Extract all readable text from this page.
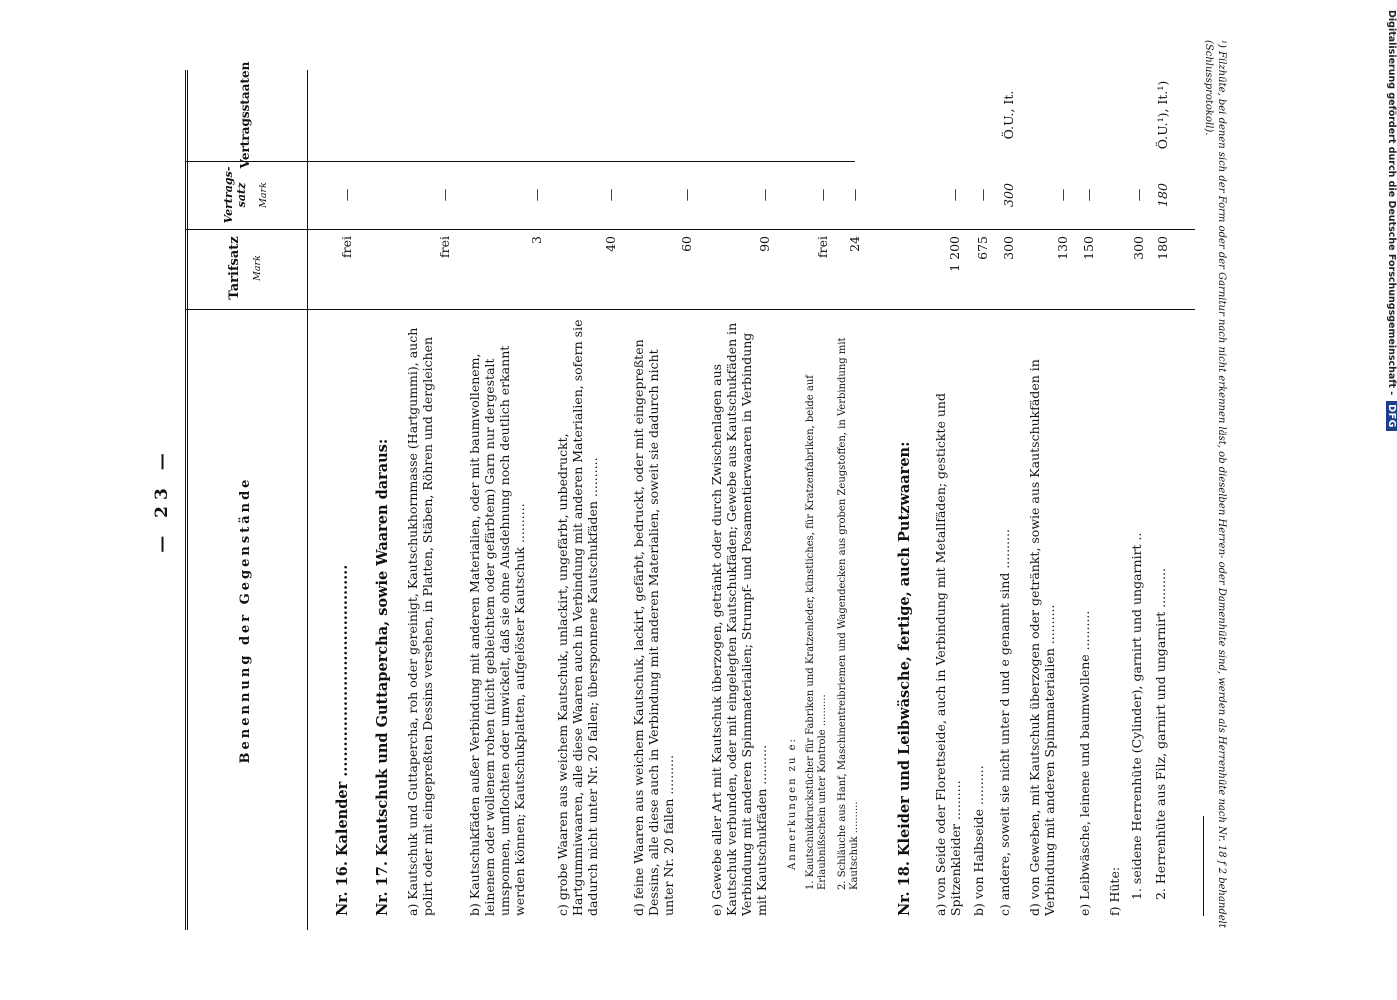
Digitalisierung gefördert durch die Deutsche Forschungsgemeinschaft -
DFG
— 23 —	Benennung der Gegenstände
Tarifsatz Mark
Vertrags-satz Mark
Vertragsstaaten
Nr. 16. Kalender ..........................................
frei
—
Nr. 17. Kautschuk und Guttapercha, sowie Waaren daraus: a) Kautschuk und Guttapercha, roh oder gereinigt, Kautschukhornmasse (Hartgummi), auch polirt oder mit eingepreßten Dessins versehen, in Platten, Stäben, Röhren und dergleichen
frei
—
b) Kautschukfäden außer Verbindung mit anderen Materialien, oder mit baumwollenem, leinenem oder wollenem rohen (nicht gebleichtem oder gefärbtem) Garn nur dergestalt umsponnen, umflochten oder umwickelt, daß sie ohne Ausdehnung noch deutlich erkannt werden können; Kautschukplatten, aufgelöster Kautschuk ..........
3
—
c) grobe Waaren aus weichem Kautschuk, unlackirt, ungefärbt, unbedruckt, Hartgummiwaaren, alle diese Waaren auch in Verbindung mit anderen Materialien, sofern sie dadurch nicht unter Nr. 20 fallen; übersponnene Kautschukfäden ..........
40
—
d) feine Waaren aus weichem Kautschuk, lackirt, gefärbt, bedruckt, oder mit eingepreßten Dessins, alle diese auch in Verbindung mit anderen Materialien, soweit sie dadurch nicht unter Nr. 20 fallen ..........
60
—
e) Gewebe aller Art mit Kautschuk überzogen, getränkt oder durch Zwischenlagen aus Kautschuk verbunden, oder mit eingelegten Kautschukfäden; Gewebe aus Kautschukfäden in Verbindung mit anderen Spinnmaterialien; Strumpf- und Posamentierwaaren in Verbindung mit Kautschukfäden ..........
90
—
Anmerkungen zu e: 1. Kautschukdruckstücher für Fabriken und Kratzenleder, künstliches, für Kratzenfabriken, beide auf Erlaubnißschein unter Kontrole ..........
frei
—
2. Schläuche aus Hanf, Maschinentreibriemen und Wagendecken aus groben Zeugstoffen, in Verbindung mit Kautschuk ..........
24
—
Nr. 18. Kleider und Leibwäsche, fertige, auch Putzwaaren: a) von Seide oder Florettseide, auch in Verbindung mit Metallfäden; gestickte und Spitzenkleider ..........
1 200
—
b) von Halbseide ..........
675
—
c) andere, soweit sie nicht unter d und e genannt sind ..........
300
300
Ö.U., It.
d) von Geweben, mit Kautschuk überzogen oder getränkt, sowie aus Kautschukfäden in Verbindung mit anderen Spinnmaterialien ..........
130
—
e) Leibwäsche, leinene und baumwollene ..........
150
—
f) Hüte: 1. seidene Herrenhüte (Cylinder), garnirt und ungarnirt ..
300
—
2. Herrenhüte aus Filz, garnirt und ungarnirt ..........
180
180
Ö.U.¹), It.¹)	¹) Filzhüte, bei denen sich der Form oder der Garnitur nach nicht erkennen läst, ob dieselben Herren- oder Damenhüte sind, werden als Herrenhüte nach Nr. 18 f 2 behandelt (Schlussprotokoll).
